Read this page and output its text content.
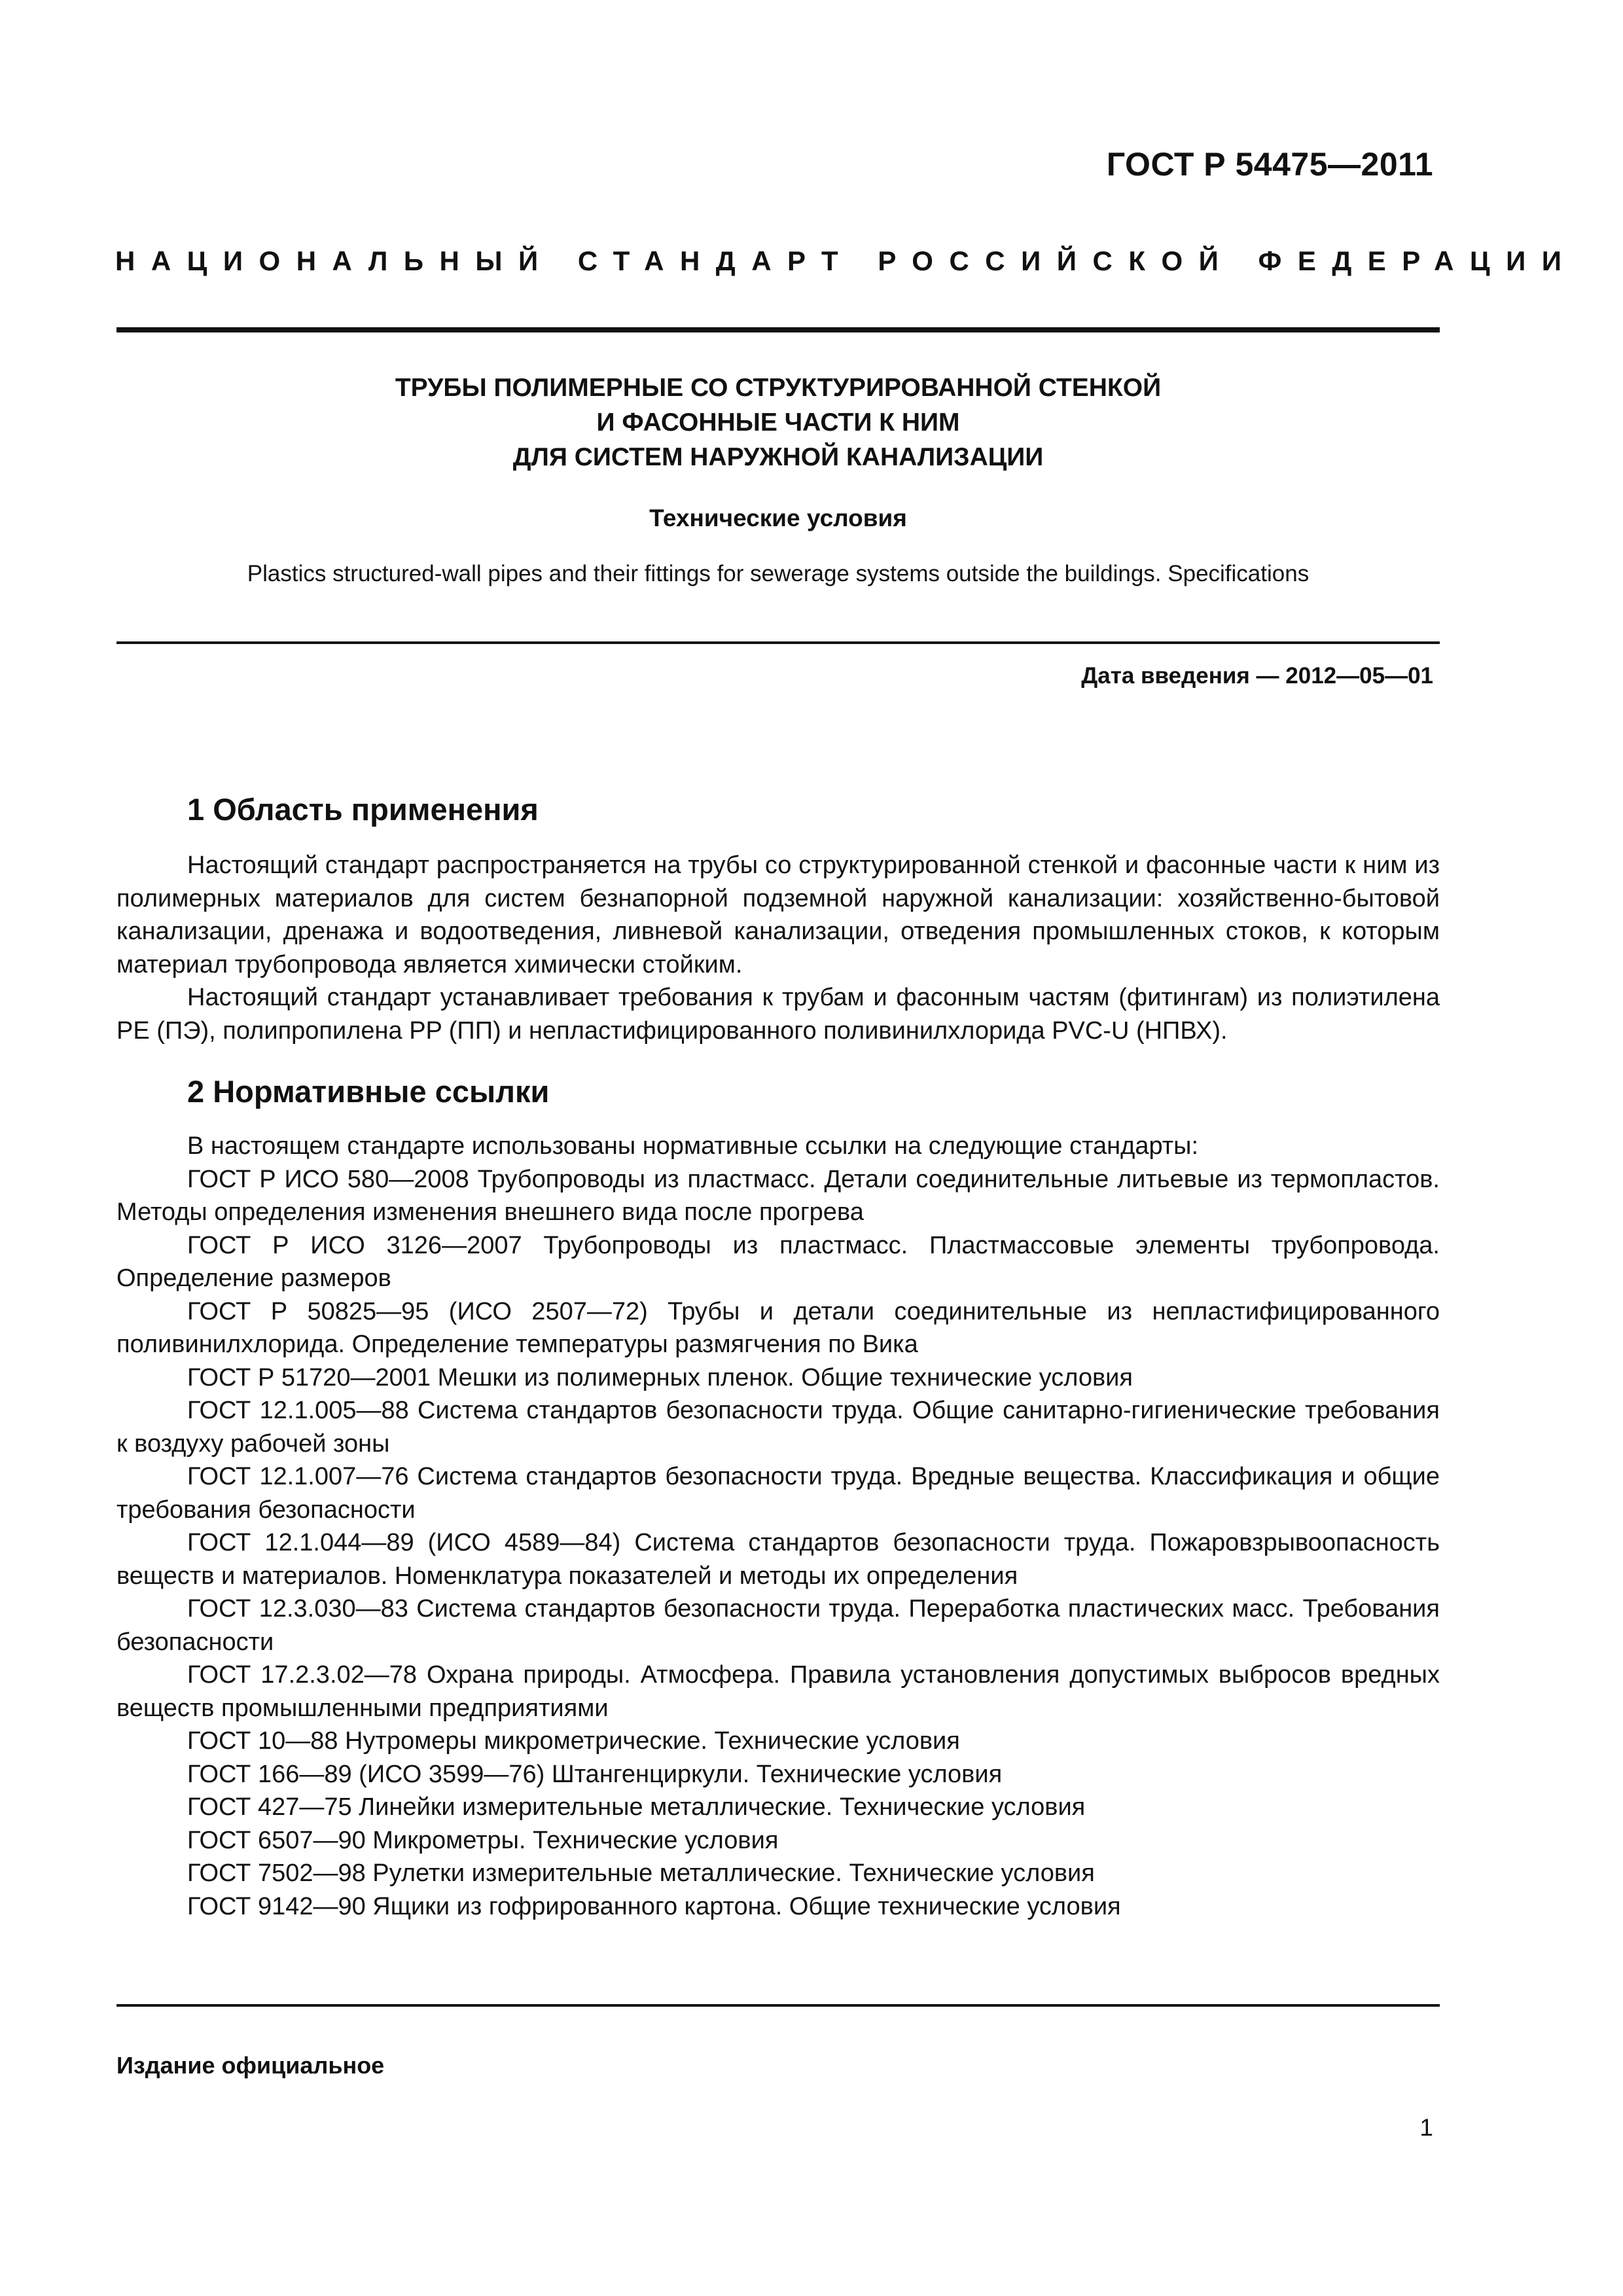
ГОСТ Р 54475—2011
НАЦИОНАЛЬНЫЙ СТАНДАРТ РОССИЙСКОЙ ФЕДЕРАЦИИ
ТРУБЫ ПОЛИМЕРНЫЕ СО СТРУКТУРИРОВАННОЙ СТЕНКОЙ
И ФАСОННЫЕ ЧАСТИ К НИМ
ДЛЯ СИСТЕМ НАРУЖНОЙ КАНАЛИЗАЦИИ
Технические условия
Plastics structured-wall pipes and their fittings for sewerage systems outside the buildings. Specifications
Дата введения — 2012—05—01
1 Область применения

Настоящий стандарт распространяется на трубы со структурированной стенкой и фасонные части к ним из полимерных материалов для систем безнапорной подземной наружной канализации: хозяйственно-бытовой канализации, дренажа и водоотведения, ливневой канализации, отведения промышленных стоков, к которым материал трубопровода является химически стойким.

Настоящий стандарт устанавливает требования к трубам и фасонным частям (фитингам) из полиэтилена PE (ПЭ), полипропилена PP (ПП) и непластифицированного поливинилхлорида PVC-U (НПВХ).

2 Нормативные ссылки

В настоящем стандарте использованы нормативные ссылки на следующие стандарты:

ГОСТ Р ИСО 580—2008 Трубопроводы из пластмасс. Детали соединительные литьевые из термопластов. Методы определения изменения внешнего вида после прогрева

ГОСТ Р ИСО 3126—2007 Трубопроводы из пластмасс. Пластмассовые элементы трубопровода. Определение размеров

ГОСТ Р 50825—95 (ИСО 2507—72) Трубы и детали соединительные из непластифицированного поливинилхлорида. Определение температуры размягчения по Вика

ГОСТ Р 51720—2001 Мешки из полимерных пленок. Общие технические условия

ГОСТ 12.1.005—88 Система стандартов безопасности труда. Общие санитарно-гигиенические требования к воздуху рабочей зоны

ГОСТ 12.1.007—76 Система стандартов безопасности труда. Вредные вещества. Классификация и общие требования безопасности

ГОСТ 12.1.044—89 (ИСО 4589—84) Система стандартов безопасности труда. Пожаровзрывоопасность веществ и материалов. Номенклатура показателей и методы их определения

ГОСТ 12.3.030—83 Система стандартов безопасности труда. Переработка пластических масс. Требования безопасности

ГОСТ 17.2.3.02—78 Охрана природы. Атмосфера. Правила установления допустимых выбросов вредных веществ промышленными предприятиями

ГОСТ 10—88 Нутромеры микрометрические. Технические условия

ГОСТ 166—89 (ИСО 3599—76) Штангенциркули. Технические условия

ГОСТ 427—75 Линейки измерительные металлические. Технические условия

ГОСТ 6507—90 Микрометры. Технические условия

ГОСТ 7502—98 Рулетки измерительные металлические. Технические условия

ГОСТ 9142—90 Ящики из гофрированного картона. Общие технические условия

Издание официальное
1
